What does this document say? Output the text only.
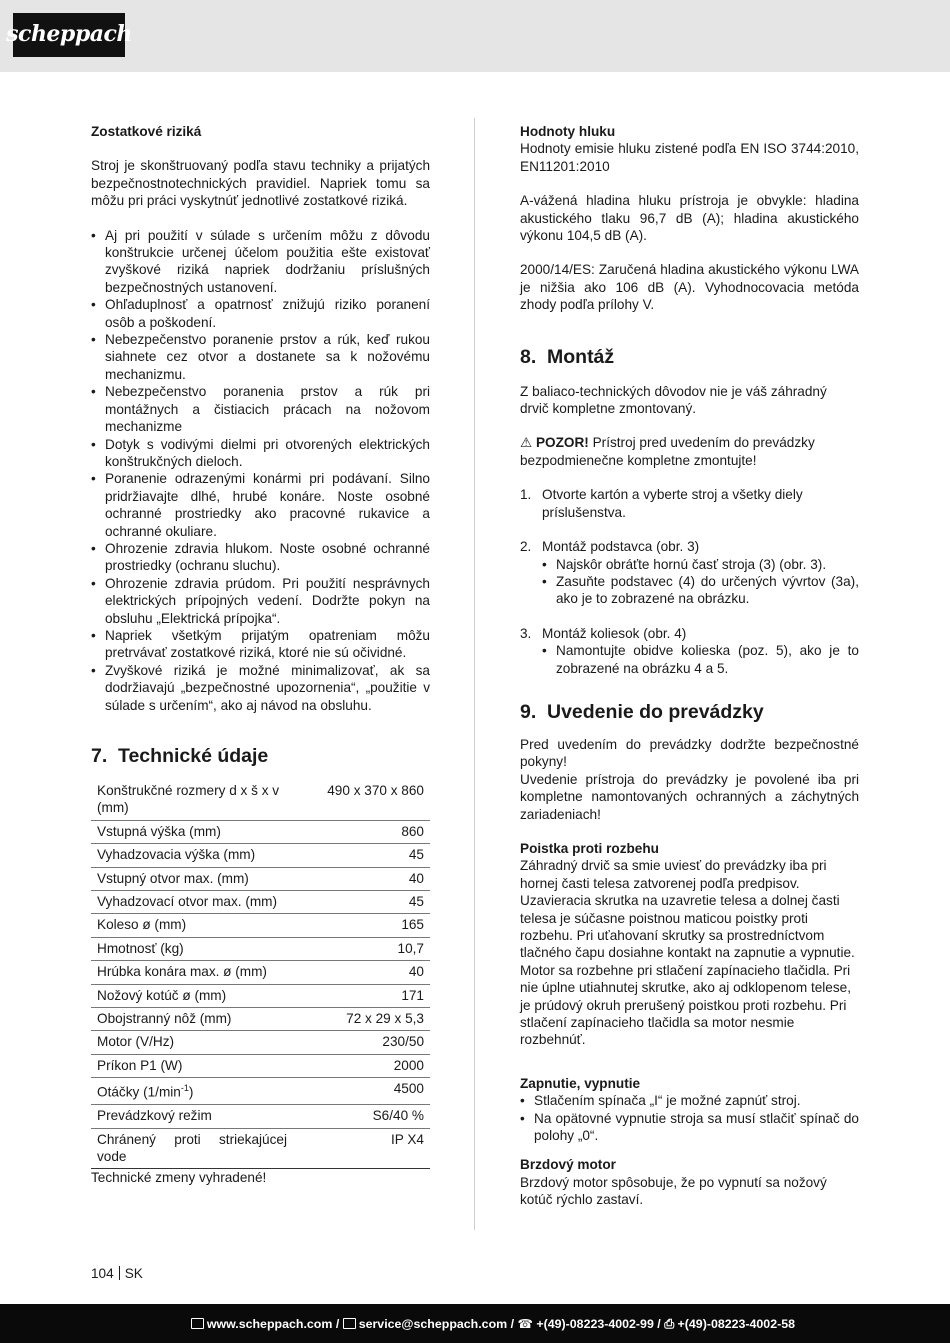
scheppach

Zostatkové riziká

Stroj je skonštruovaný podľa stavu techniky a prijatých bezpečnostnotechnických pravidiel. Napriek tomu sa môžu pri práci vyskytnúť jednotlivé zostatkové riziká.

• Aj pri použití v súlade s určením môžu z dôvodu konštrukcie určenej účelom použitia ešte existovať zvyškové riziká napriek dodržaniu príslušných bezpečnostných ustanovení.
• Ohľaduplnosť a opatrnosť znižujú riziko poranení osôb a poškodení.
• Nebezpečenstvo poranenie prstov a rúk, keď rukou siahnete cez otvor a dostanete sa k nožovému mechanizmu.
• Nebezpečenstvo poranenia prstov a rúk pri montážnych a čistiacich prácach na nožovom mechanizme
• Dotyk s vodivými dielmi pri otvorených elektrických konštrukčných dieloch.
• Poranenie odrazenými konármi pri podávaní. Silno pridržiavajte dlhé, hrubé konáre. Noste osobné ochranné prostriedky ako pracovné rukavice a ochranné okuliare.
• Ohrozenie zdravia hlukom. Noste osobné ochranné prostriedky (ochranu sluchu).
• Ohrozenie zdravia prúdom. Pri použití nesprávnych elektrických prípojných vedení. Dodržte pokyn na obsluhu „Elektrická prípojka“.
• Napriek všetkým prijatým opatreniam môžu pretrvávať zostatkové riziká, ktoré nie sú očividné.
• Zvyškové riziká je možné minimalizovať, ak sa dodržiavajú „bezpečnostné upozornenia“, „použitie v súlade s určením“, ako aj návod na obsluhu.
7. Technické údaje
Konštrukčné rozmery d x š x v (mm)	490 x 370 x 860
Vstupná výška (mm)	860
Vyhadzovacia výška (mm)	45
Vstupný otvor max. (mm)	40
Vyhadzovací otvor max. (mm)	45
Koleso ø (mm)	165
Hmotnosť (kg)	10,7
Hrúbka konára max. ø (mm)	40
Nožový kotúč ø (mm)	171
Obojstranný nôž (mm)	72 x 29 x 5,3
Motor (V/Hz)	230/50
Príkon P1 (W)	2000
Otáčky $(1/\min^{-1})$	4500
Prevádzkový režim	S6/40 %
Chránený proti striekajúcej vode	IP X4

Technické zmeny vyhradené!

Hodnoty hluku

Hodnoty emisie hluku zistené podľa EN ISO 3744:2010, EN11201:2010

A-vážená hladina hluku prístroja je obvykle: hladina akustického tlaku 96,7 dB (A); hladina akustického výkonu 104,5 dB (A).

2000/14/ES: Zaručená hladina akustického výkonu LWA je nižšia ako 106 dB (A). Vyhodnocovacia metóda zhody podľa prílohy V.

8. Montáž

Z baliaco-technických dôvodov nie je váš záhradný drvič kompletne zmontovaný.

⚠ POZOR! Prístroj pred uvedením do prevádzky bezpodmienečne kompletne zmontujte!

1. Otvorte kartón a vyberte stroj a všetky diely príslušenstva.
2. Montáž podstavca (obr. 3)
• Najskôr obráťte hornú časť stroja (3) (obr. 3).
• Zasuňte podstavec (4) do určených vývrtov (3a), ako je to zobrazené na obrázku.
3. Montáž koliesok (obr. 4)
• Namontujte obidve kolieska (poz. 5), ako je to zobrazené na obrázku 4 a 5.
9. Uvedenie do prevádzky

Pred uvedením do prevádzky dodržte bezpečnostné pokyny!

Uvedenie prístroja do prevádzky je povolené iba pri kompletne namontovaných ochranných a záchytných zariadeniach!

Poistka proti rozbehu

Záhradný drvič sa smie uviesť do prevádzky iba pri hornej časti telesa zatvorenej podľa predpisov. Uzavieracia skrutka na uzavretie telesa a dolnej časti telesa je súčasne poistnou maticou poistky proti rozbehu. Pri uťahovaní skrutky sa prostredníctvom tlačného čapu dosiahne kontakt na zapnutie a vypnutie. Motor sa rozbehne pri stlačení zapínacieho tlačidla. Pri nie úplne utiahnutej skrutke, ako aj odklopenom telese, je prúdový okruh prerušený poistkou proti rozbehu. Pri stlačení zapínacieho tlačidla sa motor nesmie rozbehnúť.

Zapnutie, vypnutie

• Stlačením spínača „I“ je možné zapnúť stroj.
• Na opätovné vypnutie stroja sa musí stlačiť spínač do polohy „0“.

Brzdový motor

Brzdový motor spôsobuje, že po vypnutí sa nožový kotúč rýchlo zastaví.

104 SK
www.scheppach.com / service@scheppach.com / ☎ +(49)-08223-4002-99 / ⎙ +(49)-08223-4002-58
